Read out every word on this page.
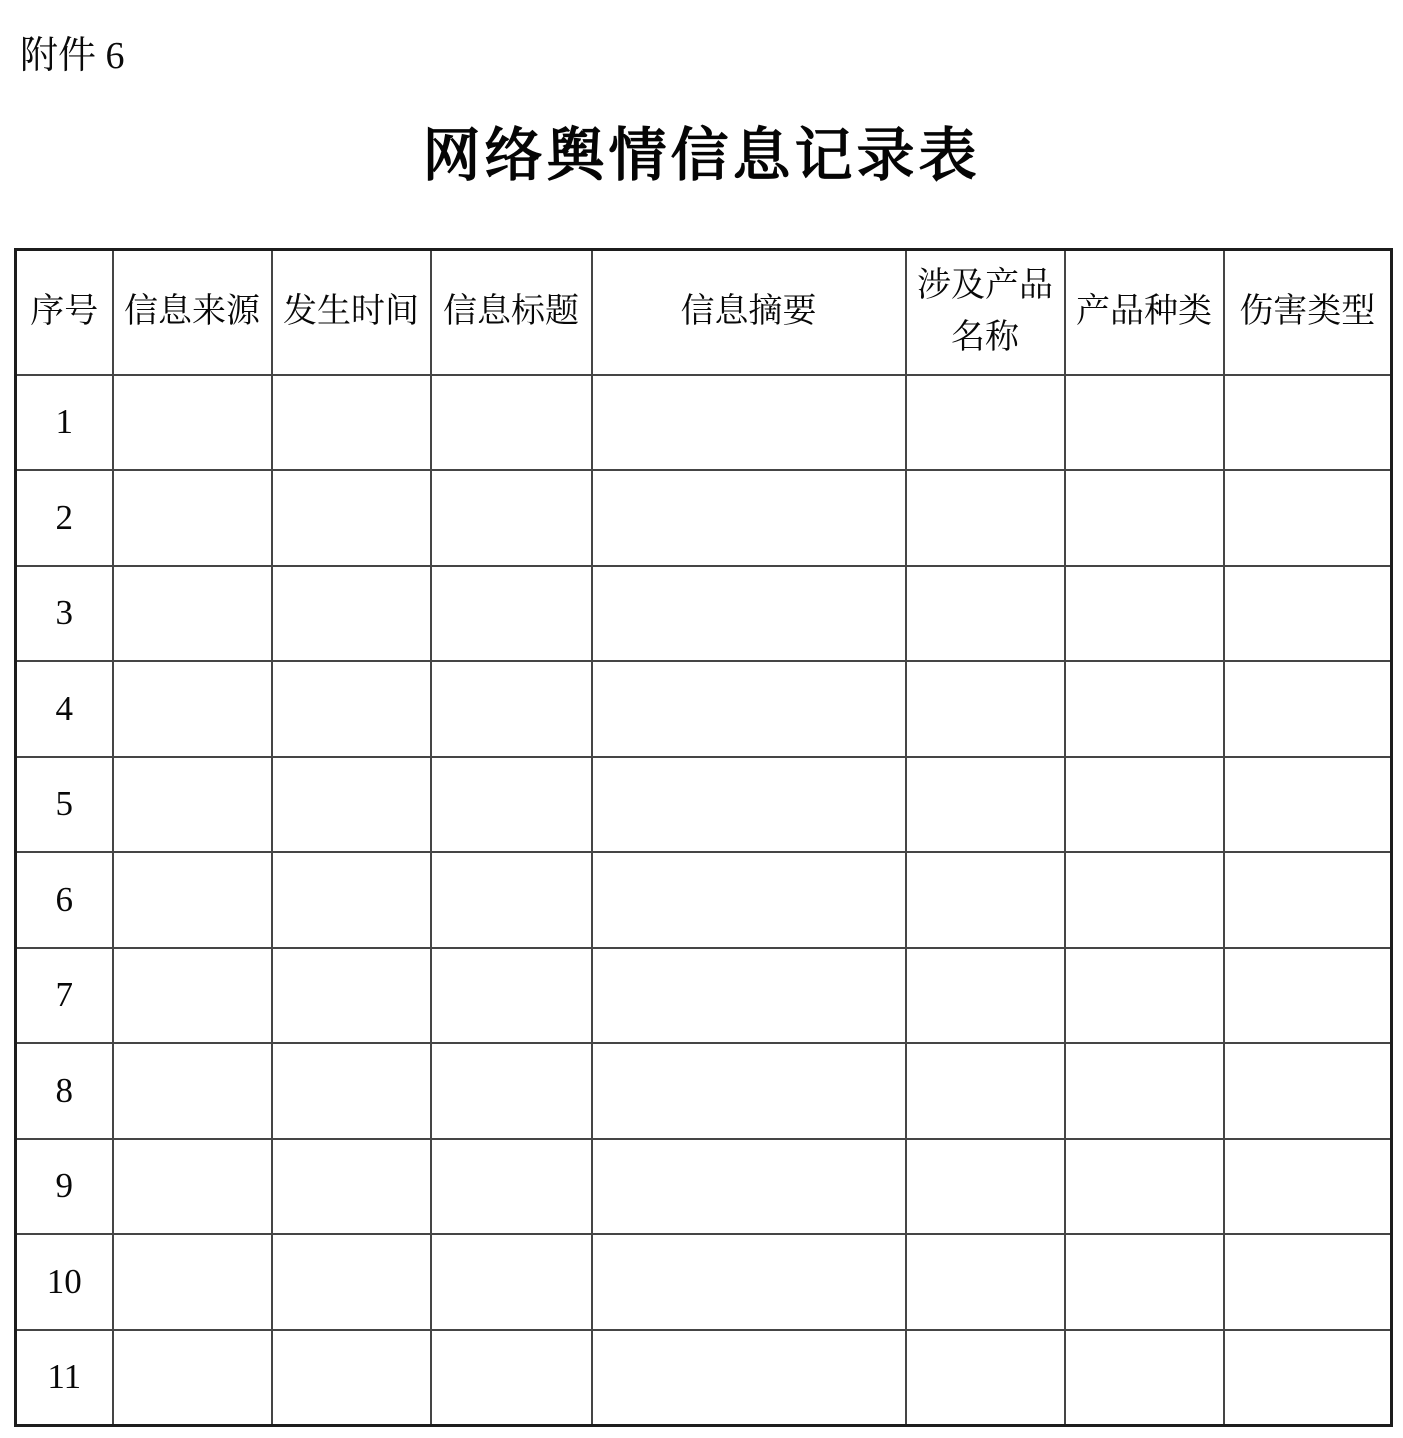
附件 6
网络舆情信息记录表
序号	信息来源	发生时间	信息标题	信息摘要	涉及产品名称	产品种类	伤害类型
1							
2							
3							
4							
5							
6							
7							
8							
9							
10							
11							
